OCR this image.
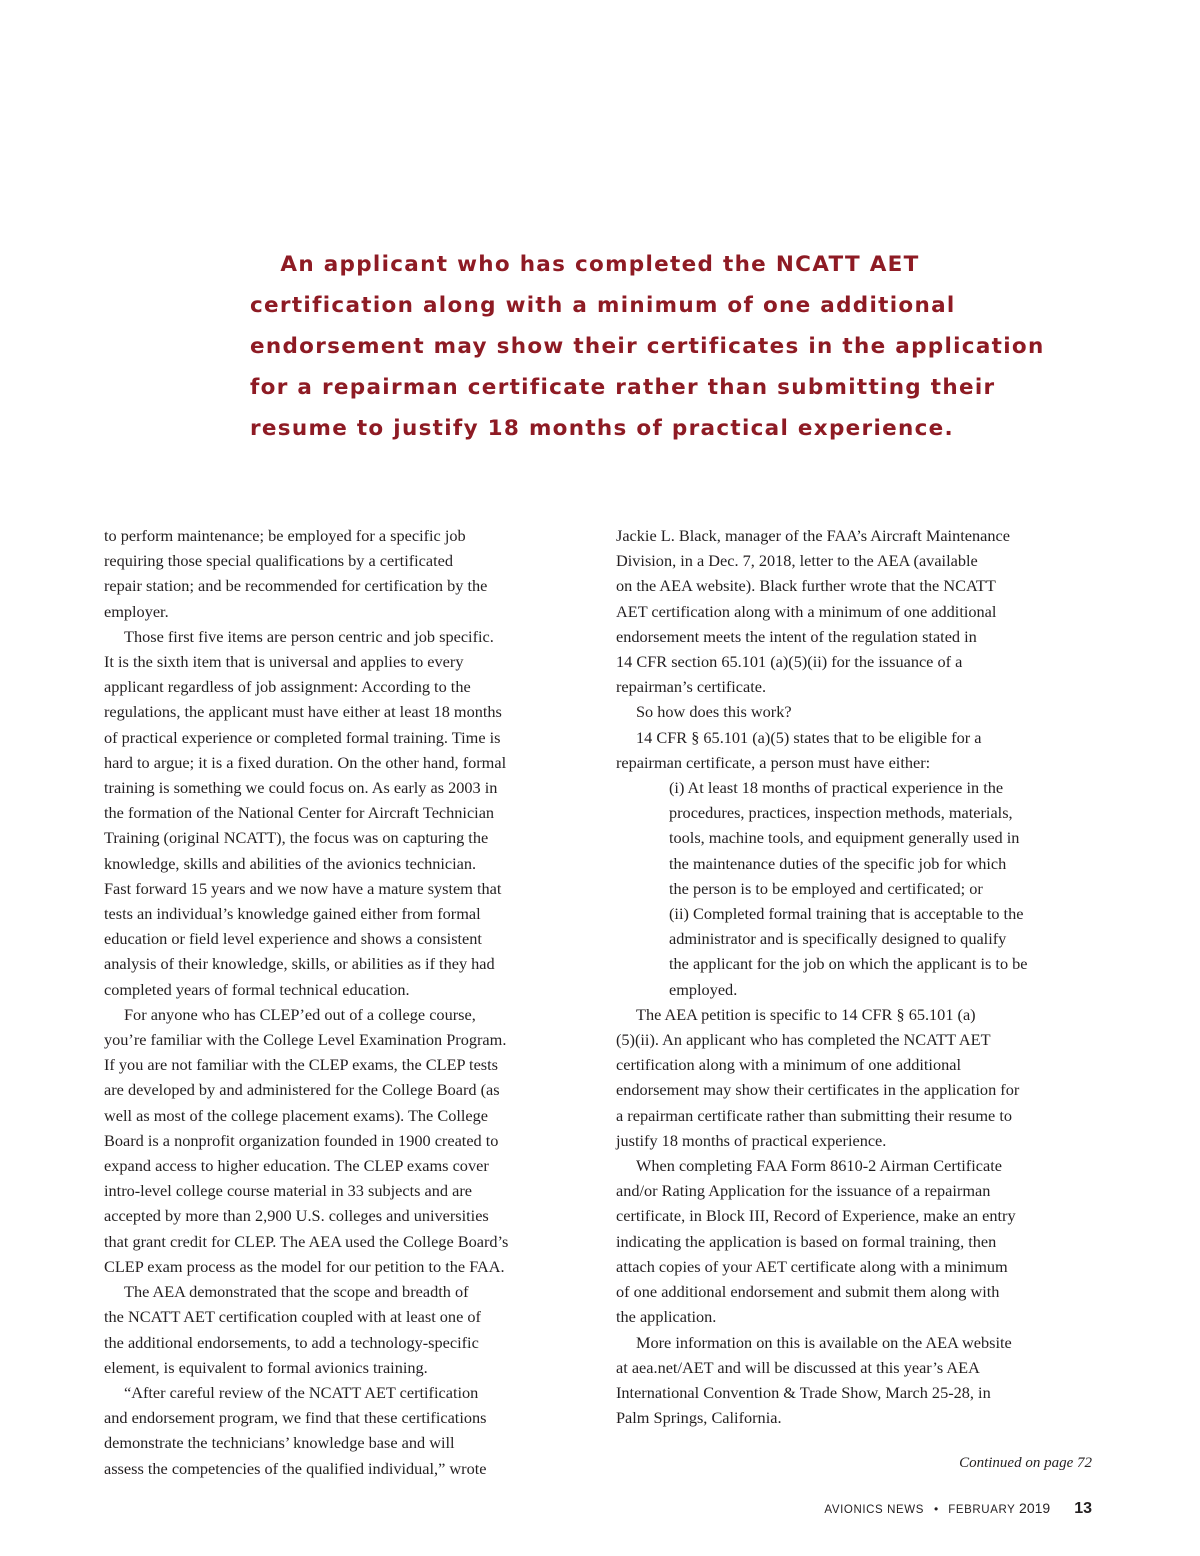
An applicant who has completed the NCATT AET
certification along with a minimum of one additional
endorsement may show their certificates in the application
for a repairman certificate rather than submitting their
resume to justify 18 months of practical experience.
to perform maintenance; be employed for a specific job
requiring those special qualifications by a certificated
repair station; and be recommended for certification by the
employer.
Those first five items are person centric and job specific.
It is the sixth item that is universal and applies to every
applicant regardless of job assignment: According to the
regulations, the applicant must have either at least 18 months
of practical experience or completed formal training. Time is
hard to argue; it is a fixed duration. On the other hand, formal
training is something we could focus on. As early as 2003 in
the formation of the National Center for Aircraft Technician
Training (original NCATT), the focus was on capturing the
knowledge, skills and abilities of the avionics technician.
Fast forward 15 years and we now have a mature system that
tests an individual’s knowledge gained either from formal
education or field level experience and shows a consistent
analysis of their knowledge, skills, or abilities as if they had
completed years of formal technical education.
For anyone who has CLEP’ed out of a college course,
you’re familiar with the College Level Examination Program.
If you are not familiar with the CLEP exams, the CLEP tests
are developed by and administered for the College Board (as
well as most of the college placement exams). The College
Board is a nonprofit organization founded in 1900 created to
expand access to higher education. The CLEP exams cover
intro-level college course material in 33 subjects and are
accepted by more than 2,900 U.S. colleges and universities
that grant credit for CLEP. The AEA used the College Board’s
CLEP exam process as the model for our petition to the FAA.
The AEA demonstrated that the scope and breadth of
the NCATT AET certification coupled with at least one of
the additional endorsements, to add a technology-specific
element, is equivalent to formal avionics training.
“After careful review of the NCATT AET certification
and endorsement program, we find that these certifications
demonstrate the technicians’ knowledge base and will
assess the competencies of the qualified individual,” wrote
Jackie L. Black, manager of the FAA’s Aircraft Maintenance
Division, in a Dec. 7, 2018, letter to the AEA (available
on the AEA website). Black further wrote that the NCATT
AET certification along with a minimum of one additional
endorsement meets the intent of the regulation stated in
14 CFR section 65.101 (a)(5)(ii) for the issuance of a
repairman’s certificate.
So how does this work?
14 CFR § 65.101 (a)(5) states that to be eligible for a
repairman certificate, a person must have either:
(i) At least 18 months of practical experience in the
procedures, practices, inspection methods, materials,
tools, machine tools, and equipment generally used in
the maintenance duties of the specific job for which
the person is to be employed and certificated; or
(ii) Completed formal training that is acceptable to the
administrator and is specifically designed to qualify
the applicant for the job on which the applicant is to be
employed.
The AEA petition is specific to 14 CFR § 65.101 (a)
(5)(ii). An applicant who has completed the NCATT AET
certification along with a minimum of one additional
endorsement may show their certificates in the application for
a repairman certificate rather than submitting their resume to
justify 18 months of practical experience.
When completing FAA Form 8610-2 Airman Certificate
and/or Rating Application for the issuance of a repairman
certificate, in Block III, Record of Experience, make an entry
indicating the application is based on formal training, then
attach copies of your AET certificate along with a minimum
of one additional endorsement and submit them along with
the application.
More information on this is available on the AEA website
at aea.net/AET and will be discussed at this year’s AEA
International Convention & Trade Show, March 25-28, in
Palm Springs, California.
Continued on page 72
AVIONICS NEWS • FEBRUARY 2019 13
